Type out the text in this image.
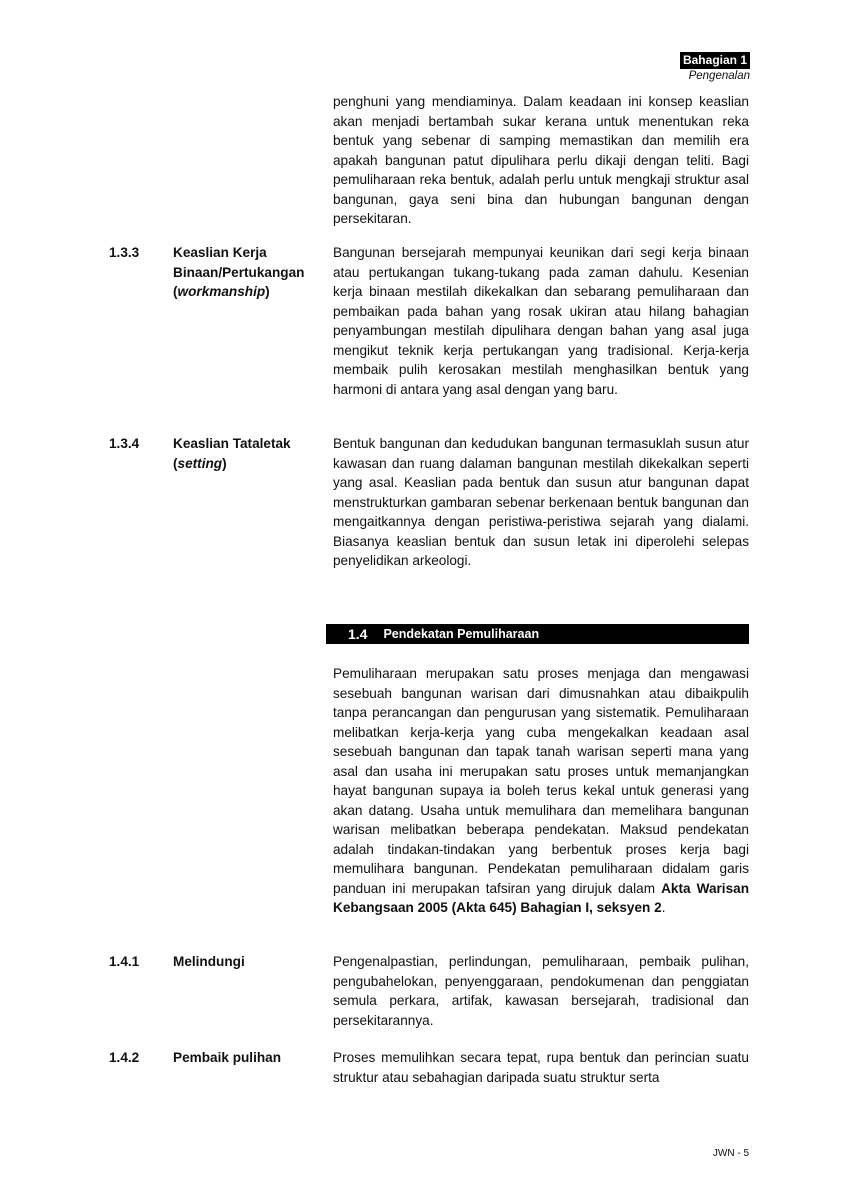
Bahagian 1
Pengenalan

penghuni yang mendiaminya. Dalam keadaan ini konsep keaslian akan menjadi bertambah sukar kerana untuk menentukan reka bentuk yang sebenar di samping memastikan dan memilih era apakah bangunan patut dipulihara perlu dikaji dengan teliti. Bagi pemuliharaan reka bentuk, adalah perlu untuk mengkaji struktur asal bangunan, gaya seni bina dan hubungan bangunan dengan persekitaran.

1.3.3 Keaslian Kerja
Binaan/Pertukangan
(workmanship)

Bangunan bersejarah mempunyai keunikan dari segi kerja binaan atau pertukangan tukang-tukang pada zaman dahulu. Kesenian kerja binaan mestilah dikekalkan dan sebarang pemuliharaan dan pembaikan pada bahan yang rosak ukiran atau hilang bahagian penyambungan mestilah dipulihara dengan bahan yang asal juga mengikut teknik kerja pertukangan yang tradisional. Kerja-kerja membaik pulih kerosakan mestilah menghasilkan bentuk yang harmoni di antara yang asal dengan yang baru.

1.3.4 Keaslian Tataletak
(setting)

Bentuk bangunan dan kedudukan bangunan termasuklah susun atur kawasan dan ruang dalaman bangunan mestilah dikekalkan seperti yang asal. Keaslian pada bentuk dan susun atur bangunan dapat menstrukturkan gambaran sebenar berkenaan bentuk bangunan dan mengaitkannya dengan peristiwa-peristiwa sejarah yang dialami. Biasanya keaslian bentuk dan susun letak ini diperolehi selepas penyelidikan arkeologi.

1.4 Pendekatan Pemuliharaan

Pemuliharaan merupakan satu proses menjaga dan mengawasi sesebuah bangunan warisan dari dimusnahkan atau dibaikpulih tanpa perancangan dan pengurusan yang sistematik. Pemuliharaan melibatkan kerja-kerja yang cuba mengekalkan keadaan asal sesebuah bangunan dan tapak tanah warisan seperti mana yang asal dan usaha ini merupakan satu proses untuk memanjangkan hayat bangunan supaya ia boleh terus kekal untuk generasi yang akan datang. Usaha untuk memulihara dan memelihara bangunan warisan melibatkan beberapa pendekatan. Maksud pendekatan adalah tindakan-tindakan yang berbentuk proses kerja bagi memulihara bangunan. Pendekatan pemuliharaan didalam garis panduan ini merupakan tafsiran yang dirujuk dalam Akta Warisan Kebangsaan 2005 (Akta 645) Bahagian I, seksyen 2.

1.4.1 Melindungi	Pengenalpastian, perlindungan, pemuliharaan, pembaik pulihan, pengubahelokan, penyenggaraan, pendokumenan dan penggiatan semula perkara, artifak, kawasan bersejarah, tradisional dan persekitarannya.

1.4.2 Pembaik pulihan	Proses memulihkan secara tepat, rupa bentuk dan perincian suatu struktur atau sebahagian daripada suatu struktur serta

JWN - 5
